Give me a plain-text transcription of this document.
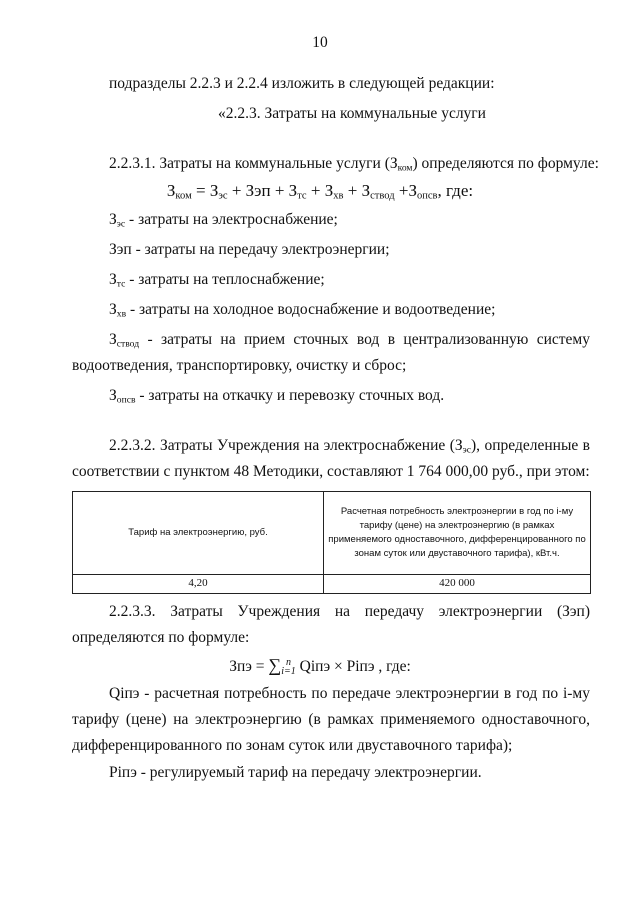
10
подразделы 2.2.3 и 2.2.4 изложить в следующей редакции:
«2.2.3. Затраты на коммунальные услуги
2.2.3.1. Затраты на коммунальные услуги $(З_{ком})$ определяются по формуле:
$З_{ком} = З_{эс}$ + Зэп + $З_{тс} + З_{хв} + З_{ствод} +З_{опсв}$, где:
$З_{эс}$ - затраты на электроснабжение;
Зэп - затраты на передачу электроэнергии;
$З_{тс}$ - затраты на теплоснабжение;
$З_{хв}$ - затраты на холодное водоснабжение и водоотведение;
$З_{ствод}$ - затраты на прием сточных вод в централизованную систему
водоотведения, транспортировку, очистку и сброс;
$З_{опсв}$ - затраты на откачку и перевозку сточных вод.
2.2.3.2. Затраты Учреждения на электроснабжение $(З_{эс})$, определенные в
соответствии с пунктом 48 Методики, составляют 1 764 000,00 руб., при этом:
Тариф на электроэнергию, руб.	Расчетная потребность электроэнергии в год по i-му тарифу (цене) на электроэнергию (в рамках применяемого одноставочного, дифференцированного по зонам суток или двуставочного тарифа), кВт.ч.
4,20	420 000
2.2.3.3. Затраты Учреждения на передачу электроэнергии (Зэп)
определяются по формуле:
Зпэ = ∑ n
i=1 Qiпэ × Piпэ , где:
Qiпэ - расчетная потребность по передаче электроэнергии в год по i-му
тарифу (цене) на электроэнергию (в рамках применяемого одноставочного,
дифференцированного по зонам суток или двуставочного тарифа);
Piпэ - регулируемый тариф на передачу электроэнергии.
